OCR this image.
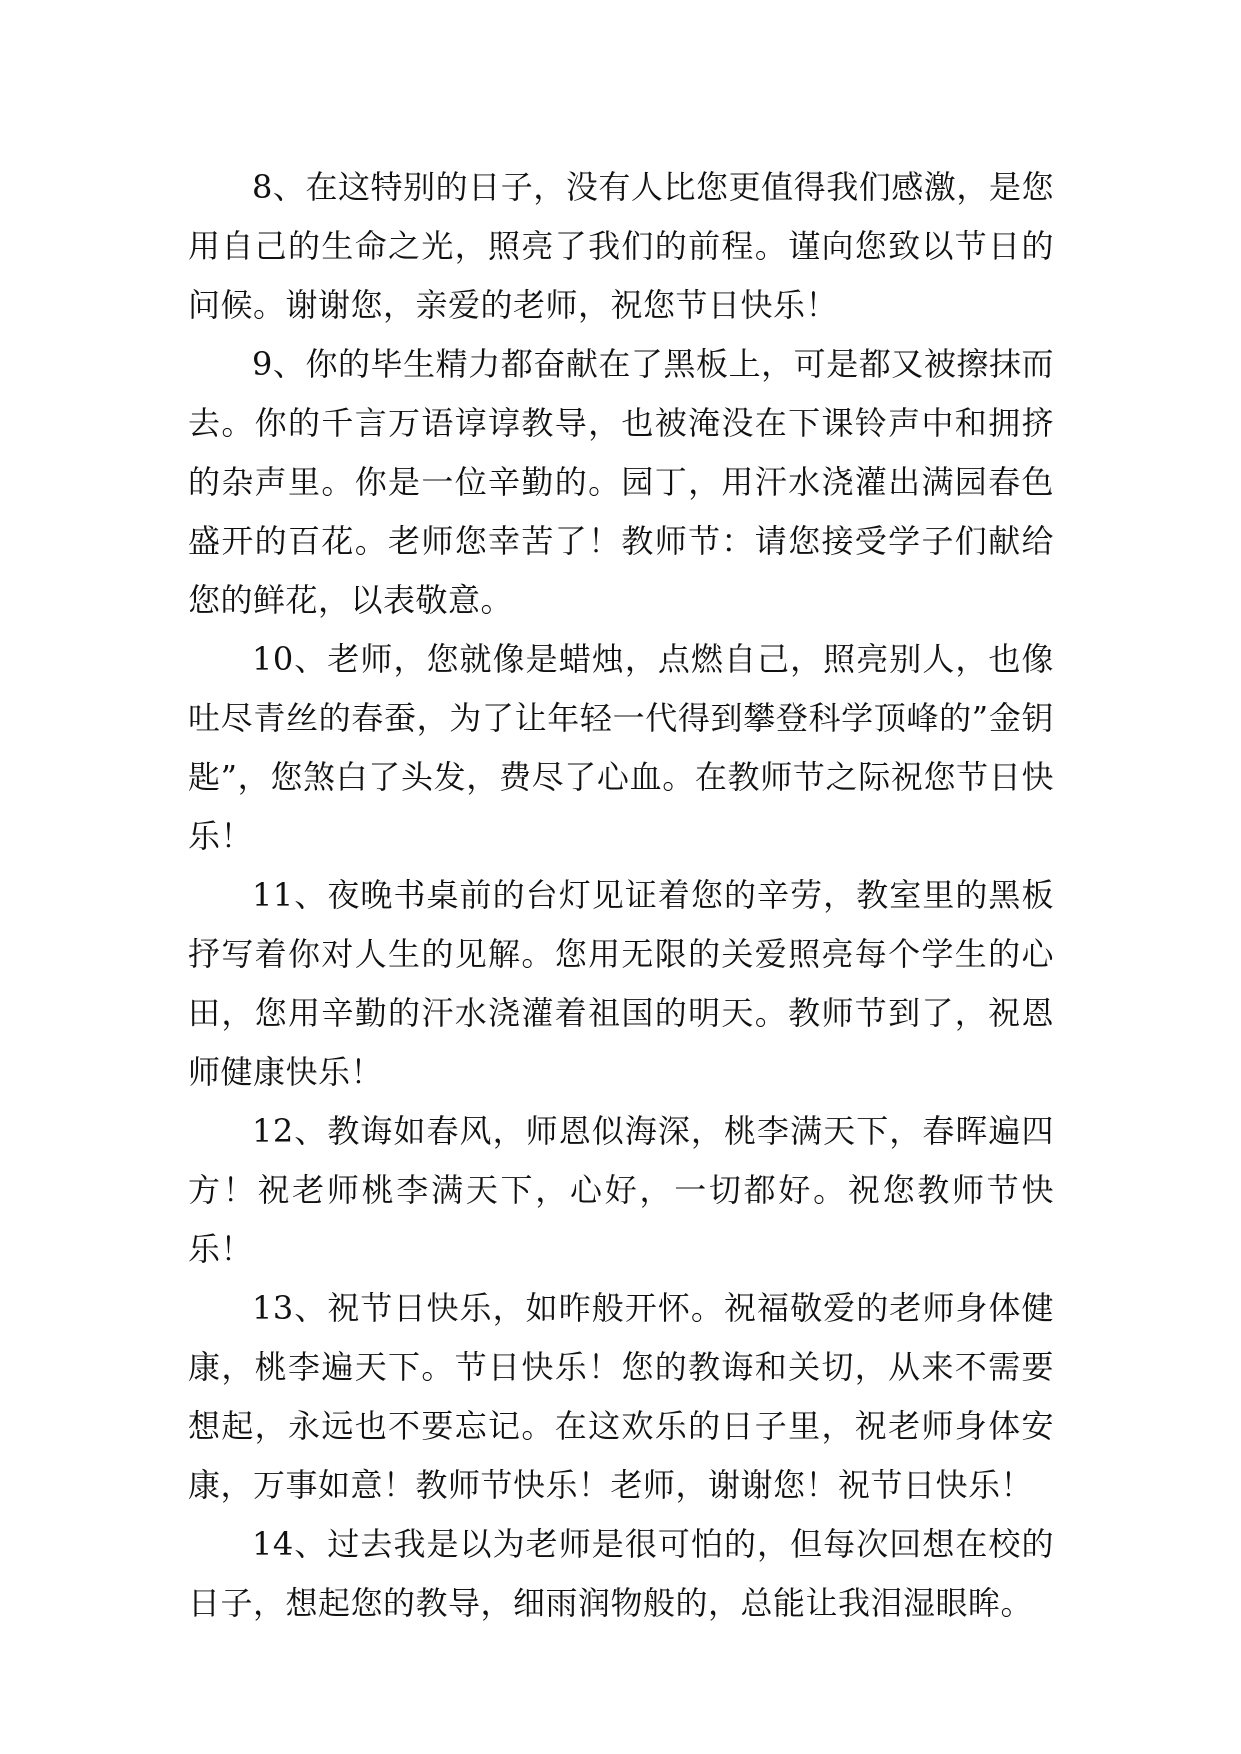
8、在这特别的日子，没有人比您更值得我们感激，是您用自己的生命之光，照亮了我们的前程。谨向您致以节日的问候。谢谢您，亲爱的老师，祝您节日快乐！

9、你的毕生精力都奋献在了黑板上，可是都又被擦抹而去。你的千言万语谆谆教导，也被淹没在下课铃声中和拥挤的杂声里。你是一位辛勤的。园丁，用汗水浇灌出满园春色盛开的百花。老师您幸苦了！教师节：请您接受学子们献给您的鲜花，以表敬意。

10、老师，您就像是蜡烛，点燃自己，照亮别人，也像吐尽青丝的春蚕，为了让年轻一代得到攀登科学顶峰的”金钥匙”，您煞白了头发，费尽了心血。在教师节之际祝您节日快乐！

11、夜晚书桌前的台灯见证着您的辛劳，教室里的黑板抒写着你对人生的见解。您用无限的关爱照亮每个学生的心田，您用辛勤的汗水浇灌着祖国的明天。教师节到了，祝恩师健康快乐！

12、教诲如春风，师恩似海深，桃李满天下，春晖遍四方！祝老师桃李满天下，心好，一切都好。祝您教师节快乐！

13、祝节日快乐，如昨般开怀。祝福敬爱的老师身体健康，桃李遍天下。节日快乐！您的教诲和关切，从来不需要想起，永远也不要忘记。在这欢乐的日子里，祝老师身体安康，万事如意！教师节快乐！老师，谢谢您！祝节日快乐！

14、过去我是以为老师是很可怕的，但每次回想在校的日子，想起您的教导，细雨润物般的，总能让我泪湿眼眸。
